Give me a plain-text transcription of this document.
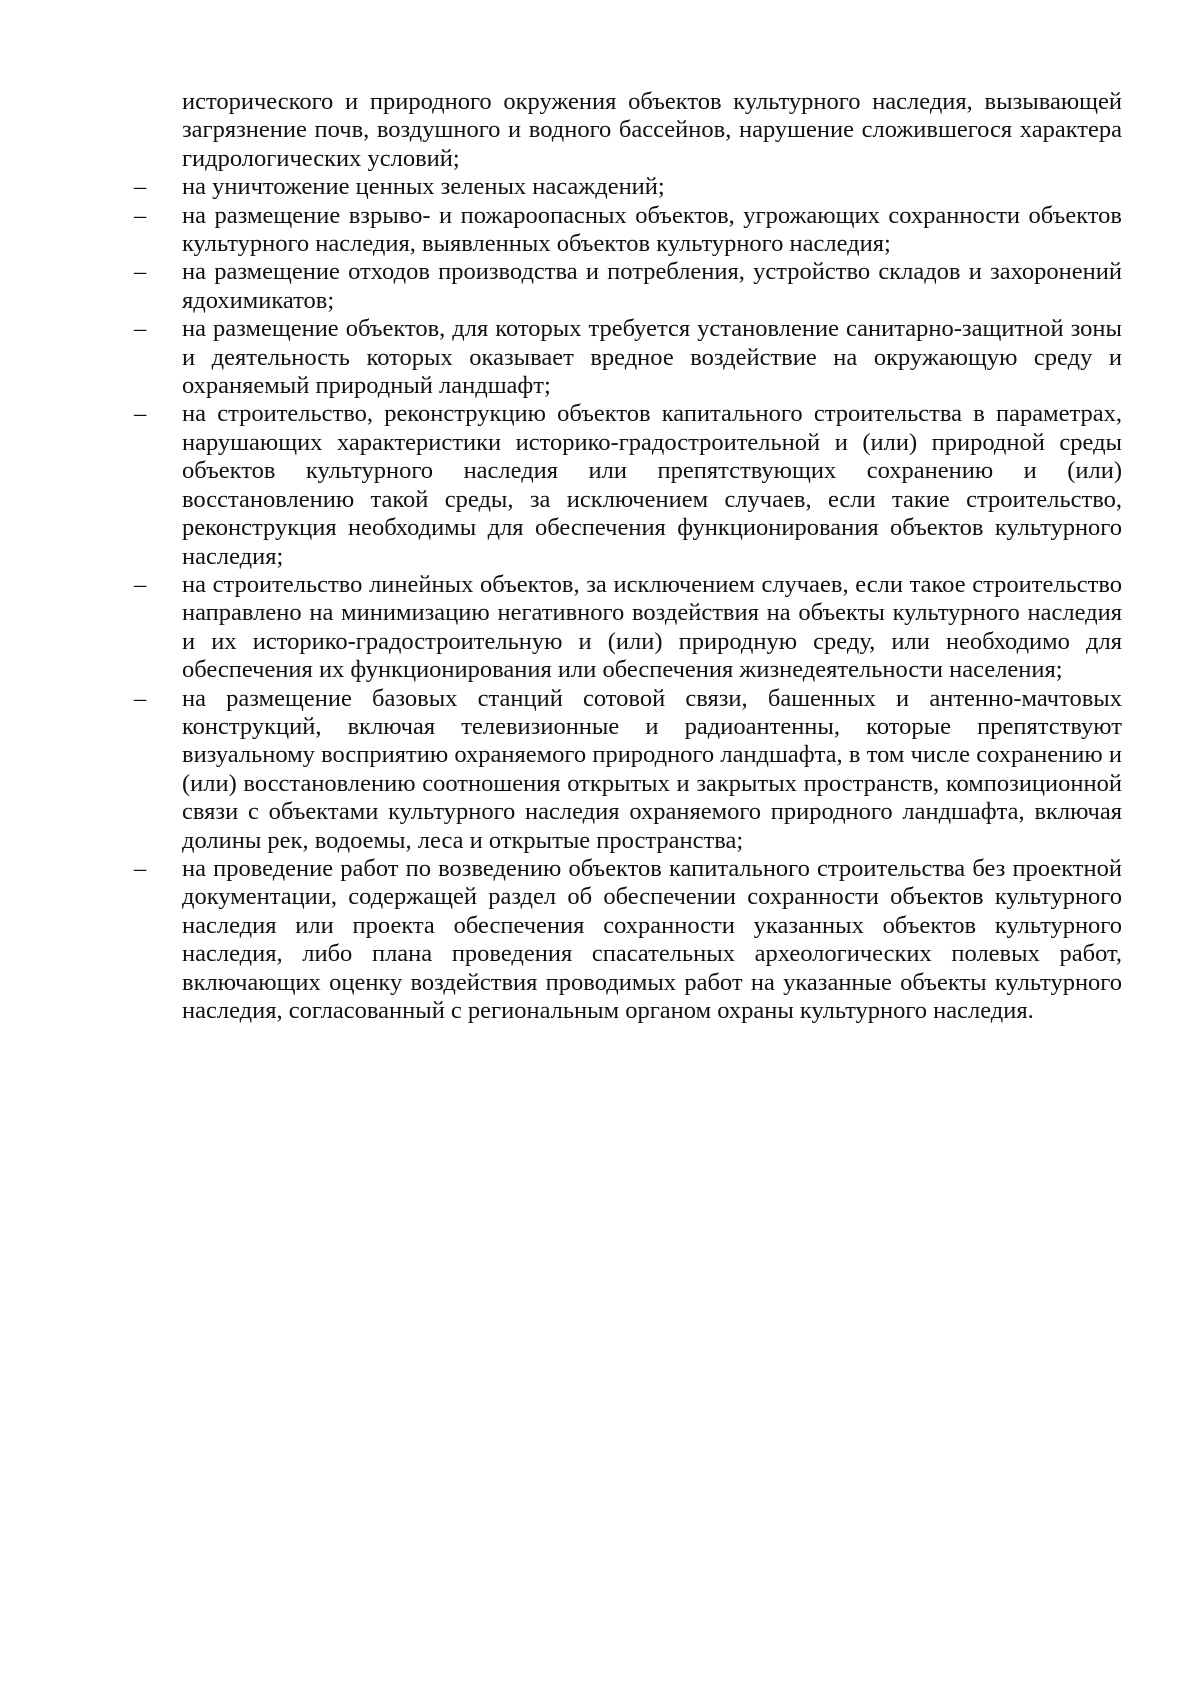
исторического и природного окружения объектов культурного наследия, вызывающей загрязнение почв, воздушного и водного бассейнов, нарушение сложившегося характера гидрологических условий;
–	на уничтожение ценных зеленых насаждений;
–	на размещение взрыво- и пожароопасных объектов, угрожающих сохранности объектов культурного наследия, выявленных объектов культурного наследия;
–	на размещение отходов производства и потребления, устройство складов и захоронений ядохимикатов;
–	на размещение объектов, для которых требуется установление санитарно-защитной зоны и деятельность которых оказывает вредное воздействие на окружающую среду и охраняемый природный ландшафт;
–	на строительство, реконструкцию объектов капитального строительства в параметрах, нарушающих характеристики историко-градостроительной и (или) природной среды объектов культурного наследия или препятствующих сохранению и (или) восстановлению такой среды, за исключением случаев, если такие строительство, реконструкция необходимы для обеспечения функционирования объектов культурного наследия;
–	на строительство линейных объектов, за исключением случаев, если такое строительство направлено на минимизацию негативного воздействия на объекты культурного наследия и их историко-градостроительную и (или) природную среду, или необходимо для обеспечения их функционирования или обеспечения жизнедеятельности населения;
–	на размещение базовых станций сотовой связи, башенных и антенно-мачтовых конструкций, включая телевизионные и радиоантенны, которые препятствуют визуальному восприятию охраняемого природного ландшафта, в том числе сохранению и (или) восстановлению соотношения открытых и закрытых пространств, композиционной связи с объектами культурного наследия охраняемого природного ландшафта, включая долины рек, водоемы, леса и открытые пространства;
–	на проведение работ по возведению объектов капитального строительства без проектной документации, содержащей раздел об обеспечении сохранности объектов культурного наследия или проекта обеспечения сохранности указанных объектов культурного наследия, либо плана проведения спасательных археологических полевых работ, включающих оценку воздействия проводимых работ на указанные объекты культурного наследия, согласованный с региональным органом охраны культурного наследия.
